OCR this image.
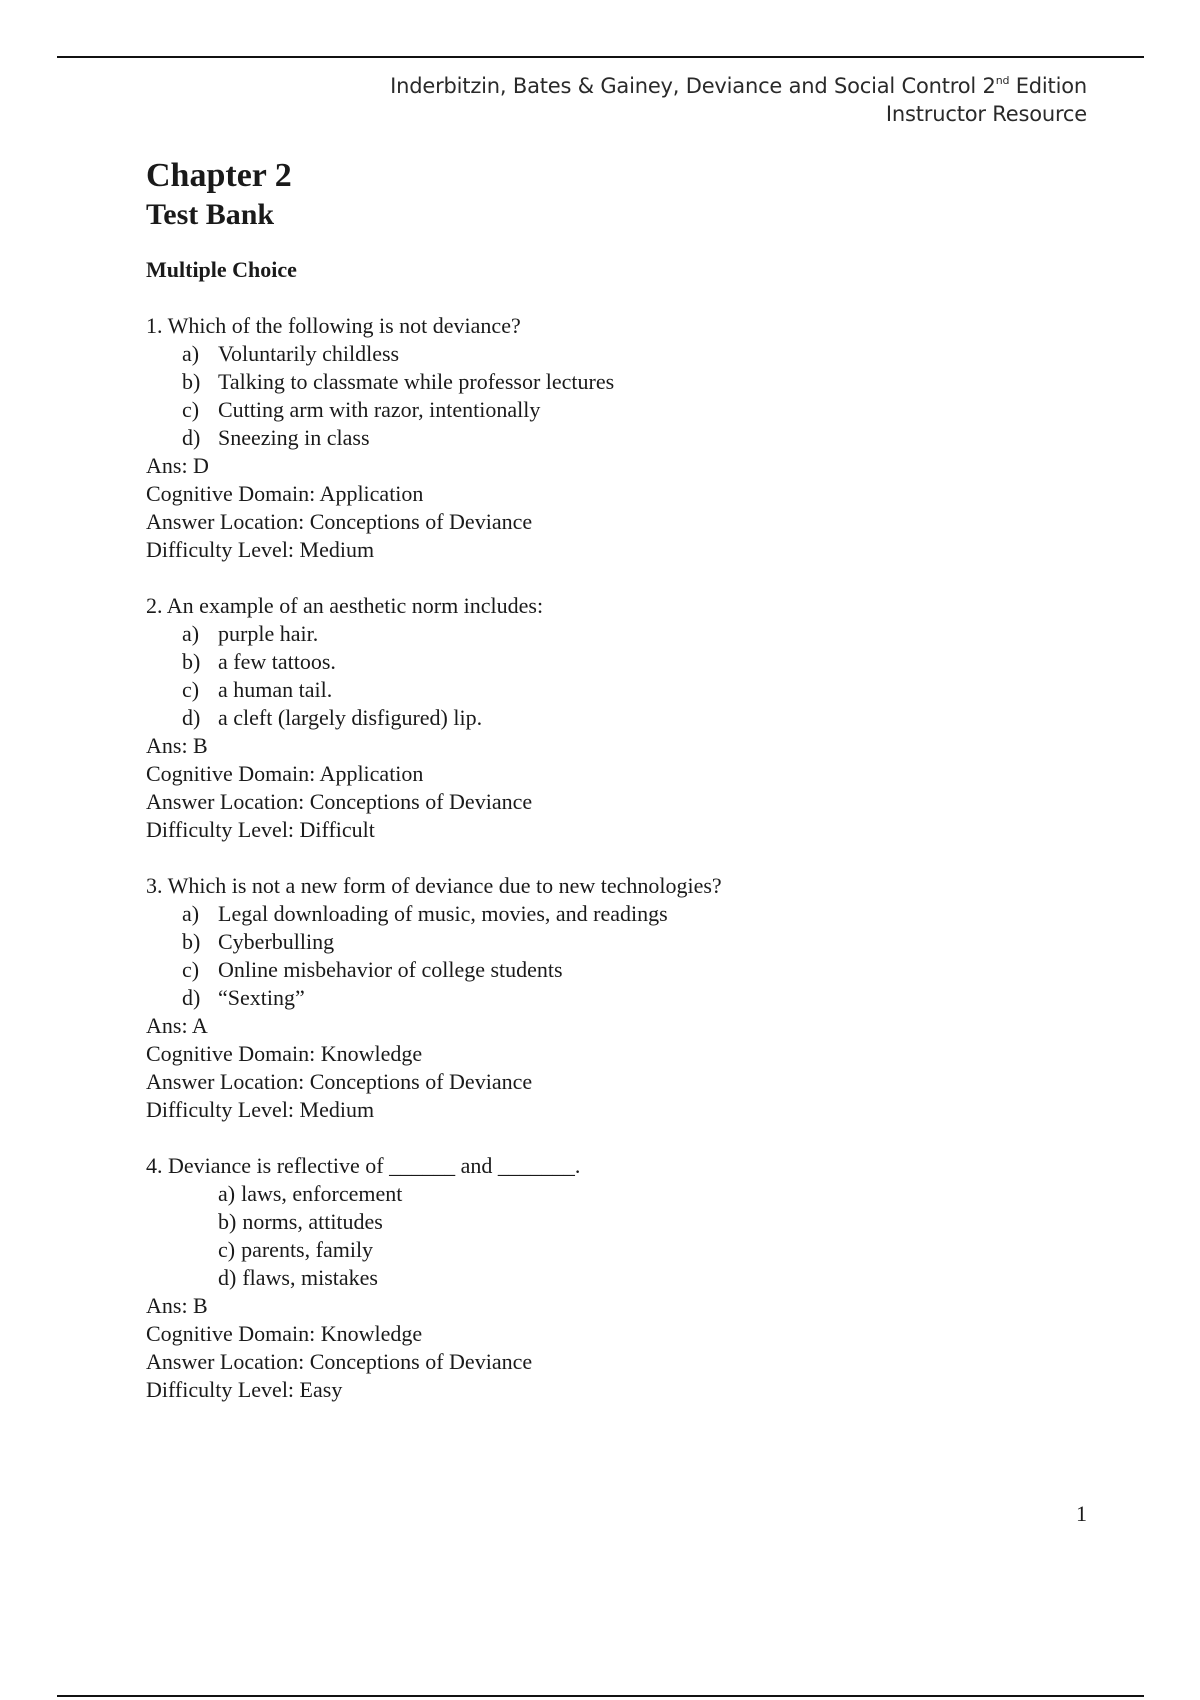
Inderbitzin, Bates & Gainey, Deviance and Social Control 2nd Edition
Instructor Resource
Chapter 2
Test Bank
Multiple Choice

1. Which of the following is not deviance?

a) Voluntarily childless
b) Talking to classmate while professor lectures
c) Cutting arm with razor, intentionally
d) Sneezing in class

Ans: D

Cognitive Domain: Application

Answer Location: Conceptions of Deviance

Difficulty Level: Medium

2. An example of an aesthetic norm includes:

a) purple hair.
b) a few tattoos.
c) a human tail.
d) a cleft (largely disfigured) lip.

Ans: B

Cognitive Domain: Application

Answer Location: Conceptions of Deviance

Difficulty Level: Difficult

3. Which is not a new form of deviance due to new technologies?

a) Legal downloading of music, movies, and readings
b) Cyberbulling
c) Online misbehavior of college students
d) “Sexting”

Ans: A

Cognitive Domain: Knowledge

Answer Location: Conceptions of Deviance

Difficulty Level: Medium

4. Deviance is reflective of ______ and _______.

a) laws, enforcement
b) norms, attitudes
c) parents, family
d) flaws, mistakes

Ans: B

Cognitive Domain: Knowledge

Answer Location: Conceptions of Deviance

Difficulty Level: Easy

1
